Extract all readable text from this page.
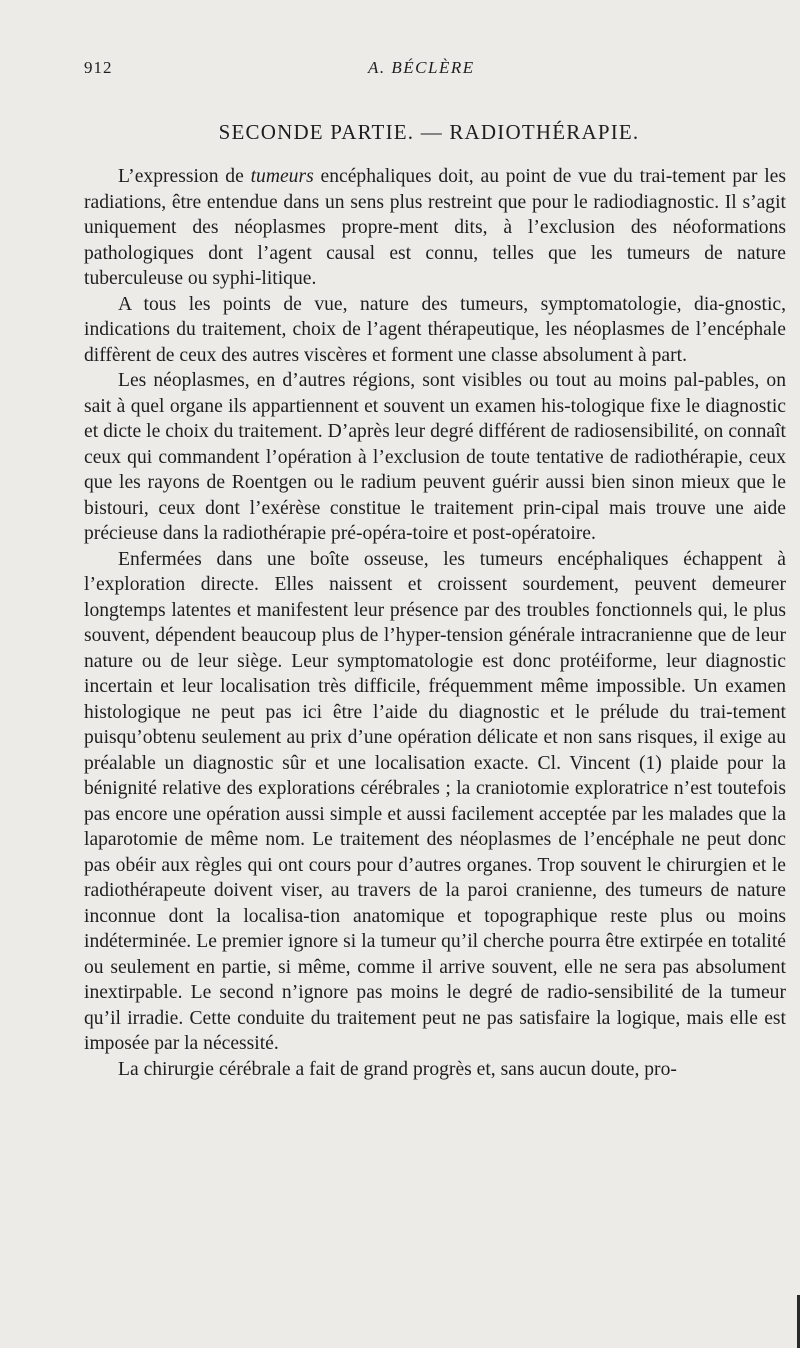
912	A. BÉCLÈRE
SECONDE PARTIE. — RADIOTHÉRAPIE.

L’expression de tumeurs encéphaliques doit, au point de vue du trai-tement par les radiations, être entendue dans un sens plus restreint que pour le radiodiagnostic. Il s’agit uniquement des néoplasmes propre-ment dits, à l’exclusion des néoformations pathologiques dont l’agent causal est connu, telles que les tumeurs de nature tuberculeuse ou syphi-litique.

A tous les points de vue, nature des tumeurs, symptomatologie, dia-gnostic, indications du traitement, choix de l’agent thérapeutique, les néoplasmes de l’encéphale diffèrent de ceux des autres viscères et forment une classe absolument à part.

Les néoplasmes, en d’autres régions, sont visibles ou tout au moins pal-pables, on sait à quel organe ils appartiennent et souvent un examen his-tologique fixe le diagnostic et dicte le choix du traitement. D’après leur degré différent de radiosensibilité, on connaît ceux qui commandent l’opération à l’exclusion de toute tentative de radiothérapie, ceux que les rayons de Roentgen ou le radium peuvent guérir aussi bien sinon mieux que le bistouri, ceux dont l’exérèse constitue le traitement prin-cipal mais trouve une aide précieuse dans la radiothérapie pré-opéra-toire et post-opératoire.

Enfermées dans une boîte osseuse, les tumeurs encéphaliques échappent à l’exploration directe. Elles naissent et croissent sourdement, peuvent demeurer longtemps latentes et manifestent leur présence par des troubles fonctionnels qui, le plus souvent, dépendent beaucoup plus de l’hyper-tension générale intracranienne que de leur nature ou de leur siège. Leur symptomatologie est donc protéiforme, leur diagnostic incertain et leur localisation très difficile, fréquemment même impossible. Un examen histologique ne peut pas ici être l’aide du diagnostic et le prélude du trai-tement puisqu’obtenu seulement au prix d’une opération délicate et non sans risques, il exige au préalable un diagnostic sûr et une localisation exacte. Cl. Vincent (1) plaide pour la bénignité relative des explorations cérébrales ; la craniotomie exploratrice n’est toutefois pas encore une opération aussi simple et aussi facilement acceptée par les malades que la laparotomie de même nom. Le traitement des néoplasmes de l’encéphale ne peut donc pas obéir aux règles qui ont cours pour d’autres organes. Trop souvent le chirurgien et le radiothérapeute doivent viser, au travers de la paroi cranienne, des tumeurs de nature inconnue dont la localisa-tion anatomique et topographique reste plus ou moins indéterminée. Le premier ignore si la tumeur qu’il cherche pourra être extirpée en totalité ou seulement en partie, si même, comme il arrive souvent, elle ne sera pas absolument inextirpable. Le second n’ignore pas moins le degré de radio-sensibilité de la tumeur qu’il irradie. Cette conduite du traitement peut ne pas satisfaire la logique, mais elle est imposée par la nécessité.

La chirurgie cérébrale a fait de grand progrès et, sans aucun doute, pro-
